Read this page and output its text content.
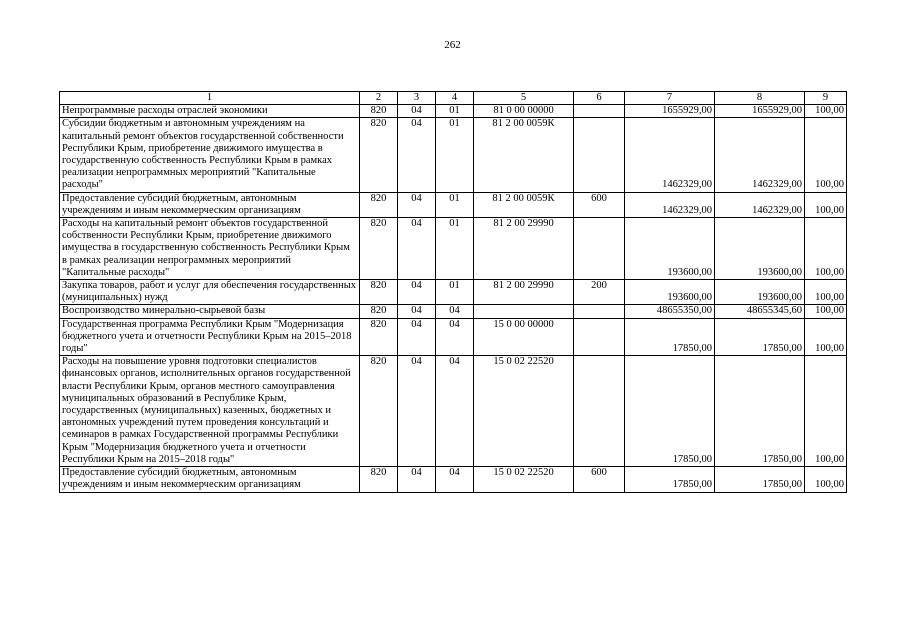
262
1	2	3	4	5	6	7	8	9
Непрограммные расходы отраслей экономики	820	04	01	81 0 00 00000		1655929,00	1655929,00	100,00
Субсидии бюджетным и автономным учреждениям на капитальный ремонт объектов государственной собственности Республики Крым, приобретение движимого имущества в государственную собственность Республики Крым в рамках реализации непрограммных мероприятий "Капитальные расходы"	820	04	01	81 2 00 0059К		1462329,00	1462329,00	100,00
Предоставление субсидий бюджетным, автономным учреждениям и иным некоммерческим организациям	820	04	01	81 2 00 0059К	600	1462329,00	1462329,00	100,00
Расходы на капитальный ремонт объектов государственной собственности Республики Крым, приобретение движимого имущества в государственную собственность Республики Крым в рамках реализации непрограммных мероприятий "Капитальные расходы"	820	04	01	81 2 00 29990		193600,00	193600,00	100,00
Закупка товаров, работ и услуг для обеспечения государственных (муниципальных) нужд	820	04	01	81 2 00 29990	200	193600,00	193600,00	100,00
Воспроизводство минерально-сырьевой базы	820	04	04			48655350,00	48655345,60	100,00
Государственная программа Республики Крым "Модернизация бюджетного учета и отчетности Республики Крым на 2015–2018 годы"	820	04	04	15 0 00 00000		17850,00	17850,00	100,00
Расходы на повышение уровня подготовки специалистов финансовых органов, исполнительных органов государственной власти Республики Крым, органов местного самоуправления муниципальных образований в Республике Крым, государственных (муниципальных) казенных, бюджетных и автономных учреждений путем проведения консультаций и семинаров в рамках Государственной программы Республики Крым "Модернизация бюджетного учета и отчетности Республики Крым на 2015–2018 годы"	820	04	04	15 0 02 22520		17850,00	17850,00	100,00
Предоставление субсидий бюджетным, автономным учреждениям и иным некоммерческим организациям	820	04	04	15 0 02 22520	600	17850,00	17850,00	100,00
